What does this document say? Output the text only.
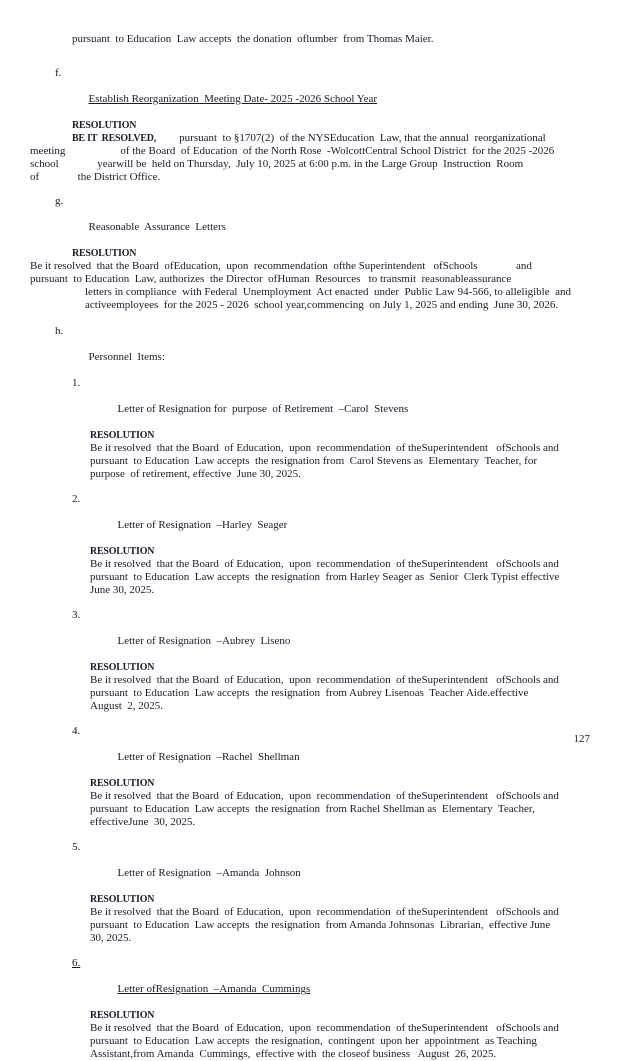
pursuant  to Education  Law accepts  the donation  oflumber  from Thomas Maier.

f.

Establish Reorganization  Meeting Date- 2025 -2026 School Year

RESOLUTION
BE IT  RESOLVED,     pursuant  to §1707(2)  of the NYSEducation  Law, that the annual  reorganizational
meeting                    of the Board  of Education  of the North Rose  -WolcottCentral School District  for the 2025 -2026
school              yearwill be  held on Thursday,  July 10, 2025 at 6:00 p.m. in the Large Group  Instruction  Room
of              the District Office.

g.

Reasonable  Assurance  Letters

RESOLUTION
Be it resolved  that the Board  ofEducation,  upon  recommendation  ofthe Superintendent   ofSchools              and
pursuant  to Education  Law, authorizes  the Director  ofHuman  Resources   to transmit  reasonableassurance
letters in compliance  with Federal  Unemployment  Act enacted  under  Public Law 94-566, to alleligible  and
activeemployees  for the 2025 - 2026  school year,commencing  on July 1, 2025 and ending  June 30, 2026.

h.

Personnel  Items:

1.

Letter of Resignation for  purpose  of Retirement  –Carol  Stevens

RESOLUTION
Be it resolved  that the Board  of Education,  upon  recommendation  of theSuperintendent   ofSchools and
pursuant  to Education  Law accepts  the resignation from  Carol Stevens as  Elementary  Teacher, for
purpose  of retirement, effective  June 30, 2025.

2.

Letter of Resignation  –Harley  Seager

RESOLUTION
Be it resolved  that the Board  of Education,  upon  recommendation  of theSuperintendent   ofSchools and
pursuant  to Education  Law accepts  the resignation  from Harley Seager as  Senior  Clerk Typist effective
June 30, 2025.

3.

Letter of Resignation  –Aubrey  Liseno

RESOLUTION
Be it resolved  that the Board  of Education,  upon  recommendation  of theSuperintendent   ofSchools and
pursuant  to Education  Law accepts  the resignation  from Aubrey Lisenoas  Teacher Aide.effective
August  2, 2025.

4.

Letter of Resignation  –Rachel  Shellman

RESOLUTION
Be it resolved  that the Board  of Education,  upon  recommendation  of theSuperintendent   ofSchools and
pursuant  to Education  Law accepts  the resignation  from Rachel Shellman as  Elementary  Teacher,
effectiveJune  30, 2025.

5.

Letter of Resignation  –Amanda  Johnson

RESOLUTION
Be it resolved  that the Board  of Education,  upon  recommendation  of theSuperintendent   ofSchools and
pursuant  to Education  Law accepts  the resignation  from Amanda Johnsonas  Librarian,  effective June
30, 2025.

6.

Letter ofResignation  –Amanda  Cummings

RESOLUTION
Be it resolved  that the Board  of Education,  upon  recommendation  of theSuperintendent   ofSchools and
pursuant  to Education  Law accepts  the resignation,  contingent  upon her  appointment  as Teaching
Assistant,from Amanda  Cummings,  effective with  the closeof business   August  26, 2025.
127
